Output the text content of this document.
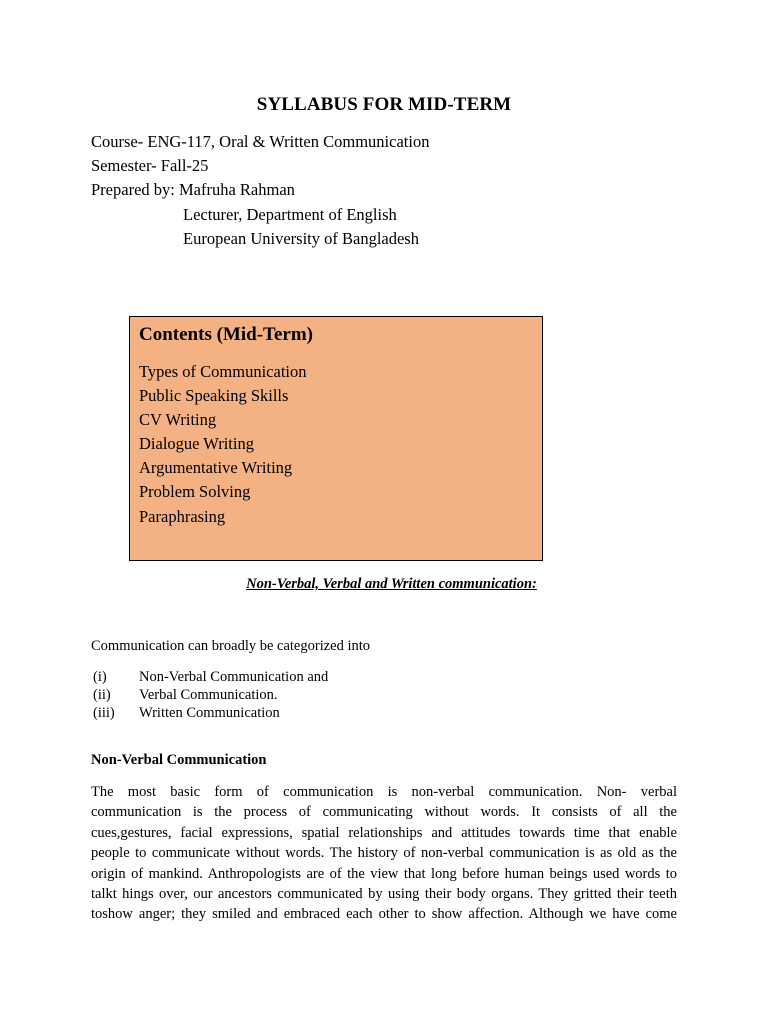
SYLLABUS FOR MID-TERM
Course- ENG-117, Oral & Written Communication
Semester- Fall-25
Prepared by: Mafruha Rahman
Lecturer, Department of English
European University of Bangladesh
Contents (Mid-Term)
Types of Communication
Public Speaking Skills
CV Writing
Dialogue Writing
Argumentative Writing
Problem Solving
Paraphrasing
Non-Verbal, Verbal and Written communication:
Communication can broadly be categorized into
(i)	Non-Verbal Communication and
(ii)	Verbal Communication.
(iii)	Written Communication
Non-Verbal Communication

The most basic form of communication is non-verbal communication. Non- verbal
communication is the process of communicating without words. It consists of all the
cues,gestures, facial expressions, spatial relationships and attitudes towards time that enable
people to communicate without words. The history of non-verbal communication is as old as the
origin of mankind. Anthropologists are of the view that long before human beings used words to
talkt hings over, our ancestors communicated by using their body organs. They gritted their teeth
toshow anger; they smiled and embraced each other to show affection. Although we have come
